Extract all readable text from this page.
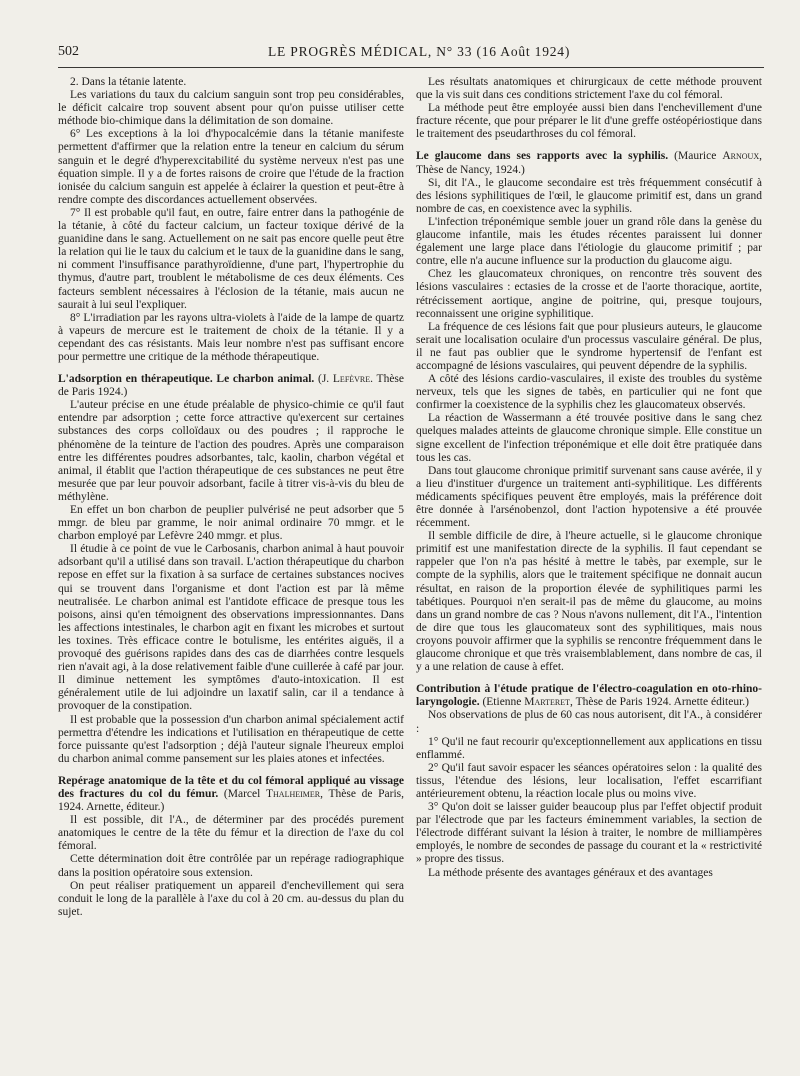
502	LE PROGRÈS MÉDICAL, N° 33 (16 Août 1924)

2. Dans la tétanie latente.

Les variations du taux du calcium sanguin sont trop peu considérables, le déficit calcaire trop souvent absent pour qu'on puisse utiliser cette méthode bio-chimique dans la délimitation de son domaine.

6° Les exceptions à la loi d'hypocalcémie dans la tétanie manifeste permettent d'affirmer que la relation entre la teneur en calcium du sérum sanguin et le degré d'hyperexcitabilité du système nerveux n'est pas une équation simple. Il y a de fortes raisons de croire que l'étude de la fraction ionisée du calcium sanguin est appelée à éclairer la question et peut-être à rendre compte des discordances actuellement observées.

7° Il est probable qu'il faut, en outre, faire entrer dans la pathogénie de la tétanie, à côté du facteur calcium, un facteur toxique dérivé de la guanidine dans le sang. Actuellement on ne sait pas encore quelle peut être la relation qui lie le taux du calcium et le taux de la guanidine dans le sang, ni comment l'insuffisance parathyroïdienne, d'une part, l'hypertrophie du thymus, d'autre part, troublent le métabolisme de ces deux éléments. Ces facteurs semblent nécessaires à l'éclosion de la tétanie, mais aucun ne saurait à lui seul l'expliquer.

8° L'irradiation par les rayons ultra-violets à l'aide de la lampe de quartz à vapeurs de mercure est le traitement de choix de la tétanie. Il y a cependant des cas résistants. Mais leur nombre n'est pas suffisant encore pour permettre une critique de la méthode thérapeutique.

L'adsorption en thérapeutique. Le charbon animal. (J. Lefèvre. Thèse de Paris 1924.)

L'auteur précise en une étude préalable de physico-chimie ce qu'il faut entendre par adsorption ; cette force attractive qu'exercent sur certaines substances des corps colloïdaux ou des poudres ; il rapproche le phénomène de la teinture de l'action des poudres. Après une comparaison entre les différentes poudres adsorbantes, talc, kaolin, charbon végétal et animal, il établit que l'action thérapeutique de ces substances ne peut être mesurée que par leur pouvoir adsorbant, facile à titrer vis-à-vis du bleu de méthylène.

En effet un bon charbon de peuplier pulvérisé ne peut adsorber que 5 mmgr. de bleu par gramme, le noir animal ordinaire 70 mmgr. et le charbon employé par Lefèvre 240 mmgr. et plus.

Il étudie à ce point de vue le Carbosanis, charbon animal à haut pouvoir adsorbant qu'il a utilisé dans son travail. L'action thérapeutique du charbon repose en effet sur la fixation à sa surface de certaines substances nocives qui se trouvent dans l'organisme et dont l'action est par là même neutralisée. Le charbon animal est l'antidote efficace de presque tous les poisons, ainsi qu'en témoignent des observations impressionnantes. Dans les affections intestinales, le charbon agit en fixant les microbes et surtout les toxines. Très efficace contre le botulisme, les entérites aiguës, il a provoqué des guérisons rapides dans des cas de diarrhées contre lesquels rien n'avait agi, à la dose relativement faible d'une cuillerée à café par jour. Il diminue nettement les symptômes d'auto-intoxication. Il est généralement utile de lui adjoindre un laxatif salin, car il a tendance à provoquer de la constipation.

Il est probable que la possession d'un charbon animal spécialement actif permettra d'étendre les indications et l'utilisation en thérapeutique de cette force puissante qu'est l'adsorption ; déjà l'auteur signale l'heureux emploi du charbon animal comme pansement sur les plaies atones et infectées.

Repérage anatomique de la tête et du col fémoral appliqué au vissage des fractures du col du fémur. (Marcel Thalheimer, Thèse de Paris, 1924. Arnette, éditeur.)

Il est possible, dit l'A., de déterminer par des procédés purement anatomiques le centre de la tête du fémur et la direction de l'axe du col fémoral.

Cette détermination doit être contrôlée par un repérage radiographique dans la position opératoire sous extension.

On peut réaliser pratiquement un appareil d'enchevillement qui sera conduit le long de la parallèle à l'axe du col à 20 cm. au-dessus du plan du sujet.

Les résultats anatomiques et chirurgicaux de cette méthode prouvent que la vis suit dans ces conditions strictement l'axe du col fémoral.

La méthode peut être employée aussi bien dans l'enchevillement d'une fracture récente, que pour préparer le lit d'une greffe ostéopériostique dans le traitement des pseudarthroses du col fémoral.

Le glaucome dans ses rapports avec la syphilis. (Maurice Arnoux, Thèse de Nancy, 1924.)

Si, dit l'A., le glaucome secondaire est très fréquemment consécutif à des lésions syphilitiques de l'œil, le glaucome primitif est, dans un grand nombre de cas, en coexistence avec la syphilis.

L'infection tréponémique semble jouer un grand rôle dans la genèse du glaucome infantile, mais les études récentes paraissent lui donner également une large place dans l'étiologie du glaucome primitif ; par contre, elle n'a aucune influence sur la production du glaucome aigu.

Chez les glaucomateux chroniques, on rencontre très souvent des lésions vasculaires : ectasies de la crosse et de l'aorte thoracique, aortite, rétrécissement aortique, angine de poitrine, qui, presque toujours, reconnaissent une origine syphilitique.

La fréquence de ces lésions fait que pour plusieurs auteurs, le glaucome serait une localisation oculaire d'un processus vasculaire général. De plus, il ne faut pas oublier que le syndrome hypertensif de l'enfant est accompagné de lésions vasculaires, qui peuvent dépendre de la syphilis.

A côté des lésions cardio-vasculaires, il existe des troubles du système nerveux, tels que les signes de tabès, en particulier qui ne font que confirmer la coexistence de la syphilis chez les glaucomateux observés.

La réaction de Wassermann a été trouvée positive dans le sang chez quelques malades atteints de glaucome chronique simple. Elle constitue un signe excellent de l'infection tréponémique et elle doit être pratiquée dans tous les cas.

Dans tout glaucome chronique primitif survenant sans cause avérée, il y a lieu d'instituer d'urgence un traitement anti-syphilitique. Les différents médicaments spécifiques peuvent être employés, mais la préférence doit être donnée à l'arsénobenzol, dont l'action hypotensive a été prouvée récemment.

Il semble difficile de dire, à l'heure actuelle, si le glaucome chronique primitif est une manifestation directe de la syphilis. Il faut cependant se rappeler que l'on n'a pas hésité à mettre le tabès, par exemple, sur le compte de la syphilis, alors que le traitement spécifique ne donnait aucun résultat, en raison de la proportion élevée de syphilitiques parmi les tabétiques. Pourquoi n'en serait-il pas de même du glaucome, au moins dans un grand nombre de cas ? Nous n'avons nullement, dit l'A., l'intention de dire que tous les glaucomateux sont des syphilitiques, mais nous croyons pouvoir affirmer que la syphilis se rencontre fréquemment dans le glaucome chronique et que très vraisemblablement, dans nombre de cas, il y a une relation de cause à effet.

Contribution à l'étude pratique de l'électro-coagulation en oto-rhino-laryngologie. (Etienne Marteret, Thèse de Paris 1924. Arnette éditeur.)

Nos observations de plus de 60 cas nous autorisent, dit l'A., à considérer :

1° Qu'il ne faut recourir qu'exceptionnellement aux applications en tissu enflammé.

2° Qu'il faut savoir espacer les séances opératoires selon : la qualité des tissus, l'étendue des lésions, leur localisation, l'effet escarrifiant antérieurement obtenu, la réaction locale plus ou moins vive.

3° Qu'on doit se laisser guider beaucoup plus par l'effet objectif produit par l'électrode que par les facteurs éminemment variables, la section de l'électrode différant suivant la lésion à traiter, le nombre de milliampères employés, le nombre de secondes de passage du courant et la « restrictivité » propre des tissus.

La méthode présente des avantages généraux et des avantages
